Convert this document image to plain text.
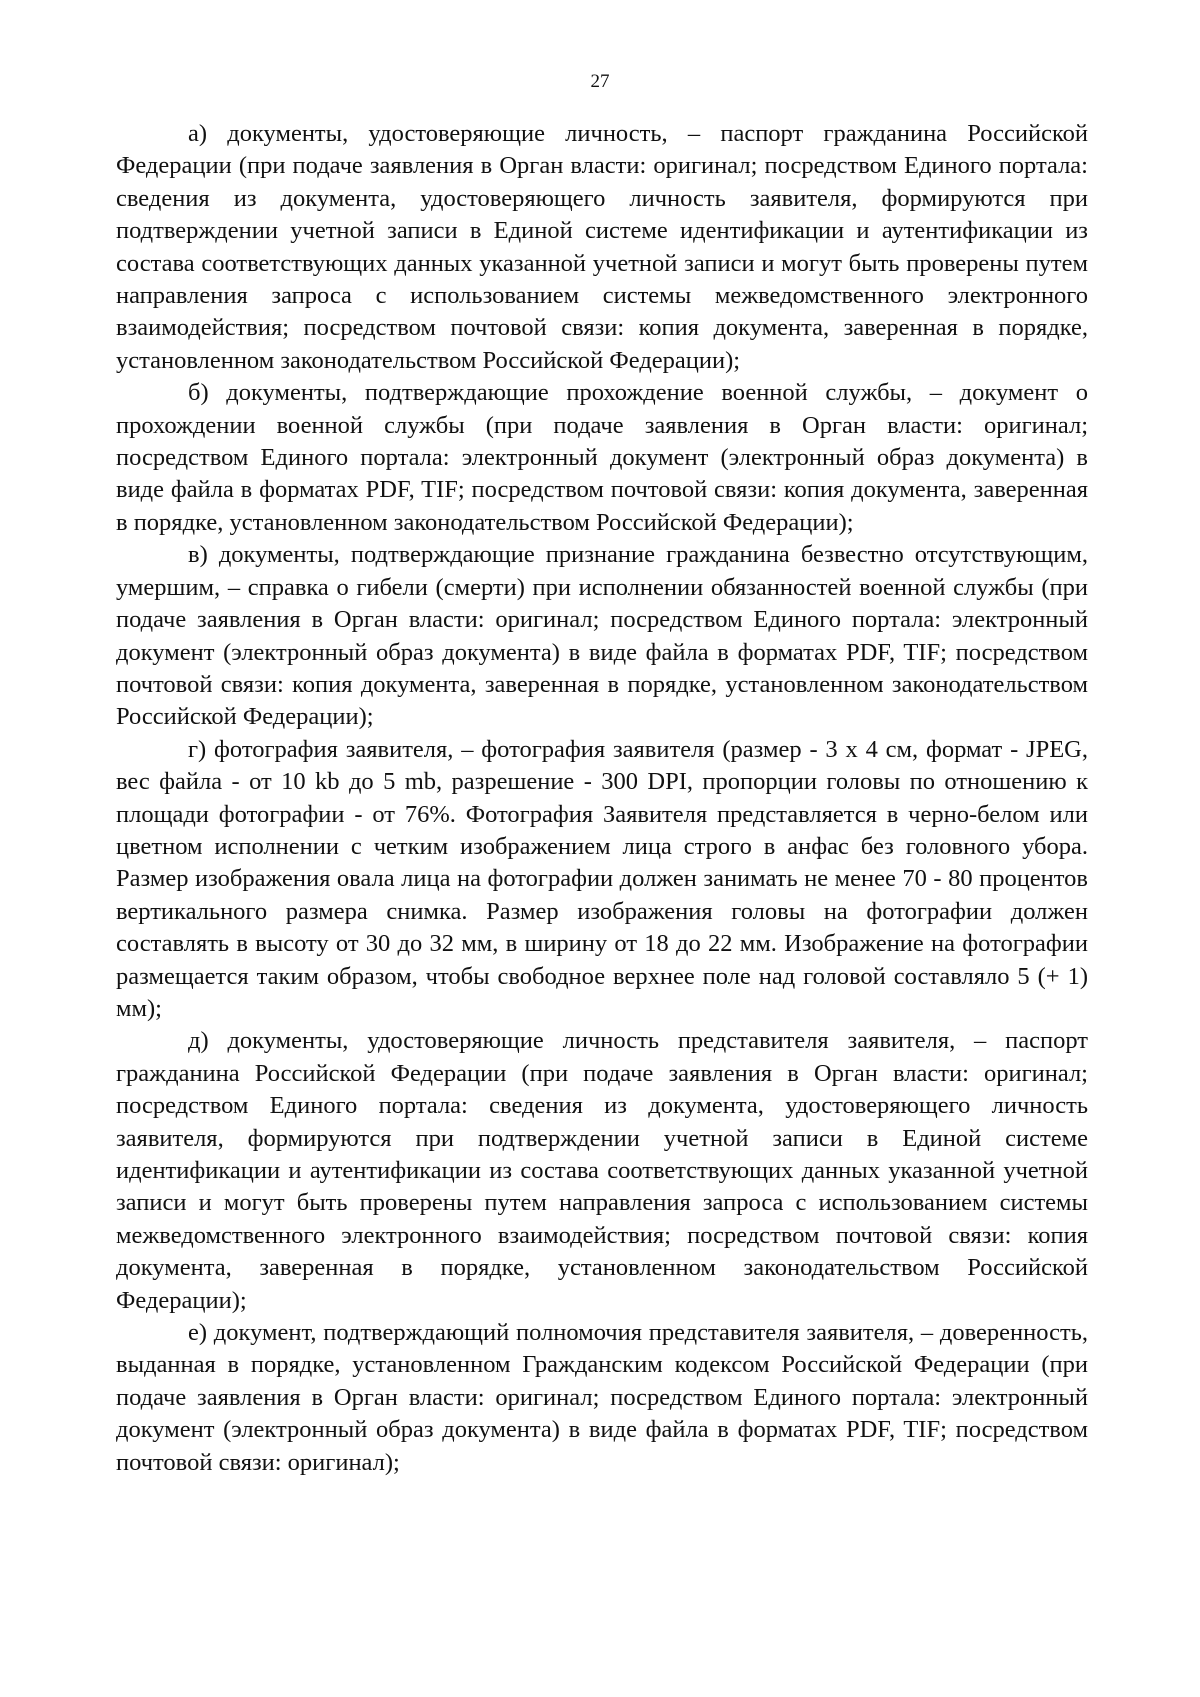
27

а) документы, удостоверяющие личность, – паспорт гражданина Российской Федерации (при подаче заявления в Орган власти: оригинал; посредством Единого портала: сведения из документа, удостоверяющего личность заявителя, формируются при подтверждении учетной записи в Единой системе идентификации и аутентификации из состава соответствующих данных указанной учетной записи и могут быть проверены путем направления запроса с использованием системы межведомственного электронного взаимодействия; посредством почтовой связи: копия документа, заверенная в порядке, установленном законодательством Российской Федерации);

б) документы, подтверждающие прохождение военной службы, – документ о прохождении военной службы (при подаче заявления в Орган власти: оригинал; посредством Единого портала: электронный документ (электронный образ документа) в виде файла в форматах PDF, TIF; посредством почтовой связи: копия документа, заверенная в порядке, установленном законодательством Российской Федерации);

в) документы, подтверждающие признание гражданина безвестно отсутствующим, умершим, – справка о гибели (смерти) при исполнении обязанностей военной службы (при подаче заявления в Орган власти: оригинал; посредством Единого портала: электронный документ (электронный образ документа) в виде файла в форматах PDF, TIF; посредством почтовой связи: копия документа, заверенная в порядке, установленном законодательством Российской Федерации);

г) фотография заявителя, – фотография заявителя (размер - 3 x 4 см, формат - JPEG, вес файла - от 10 kb до 5 mb, разрешение - 300 DPI, пропорции головы по отношению к площади фотографии - от 76%. Фотография Заявителя представляется в черно-белом или цветном исполнении с четким изображением лица строго в анфас без головного убора. Размер изображения овала лица на фотографии должен занимать не менее 70 - 80 процентов вертикального размера снимка. Размер изображения головы на фотографии должен составлять в высоту от 30 до 32 мм, в ширину от 18 до 22 мм. Изображение на фотографии размещается таким образом, чтобы свободное верхнее поле над головой составляло 5 (+ 1) мм);

д) документы, удостоверяющие личность представителя заявителя, – паспорт гражданина Российской Федерации (при подаче заявления в Орган власти: оригинал; посредством Единого портала: сведения из документа, удостоверяющего личность заявителя, формируются при подтверждении учетной записи в Единой системе идентификации и аутентификации из состава соответствующих данных указанной учетной записи и могут быть проверены путем направления запроса с использованием системы межведомственного электронного взаимодействия; посредством почтовой связи: копия документа, заверенная в порядке, установленном законодательством Российской Федерации);

е) документ, подтверждающий полномочия представителя заявителя, – доверенность, выданная в порядке, установленном Гражданским кодексом Российской Федерации (при подаче заявления в Орган власти: оригинал; посредством Единого портала: электронный документ (электронный образ документа) в виде файла в форматах PDF, TIF; посредством почтовой связи: оригинал);
